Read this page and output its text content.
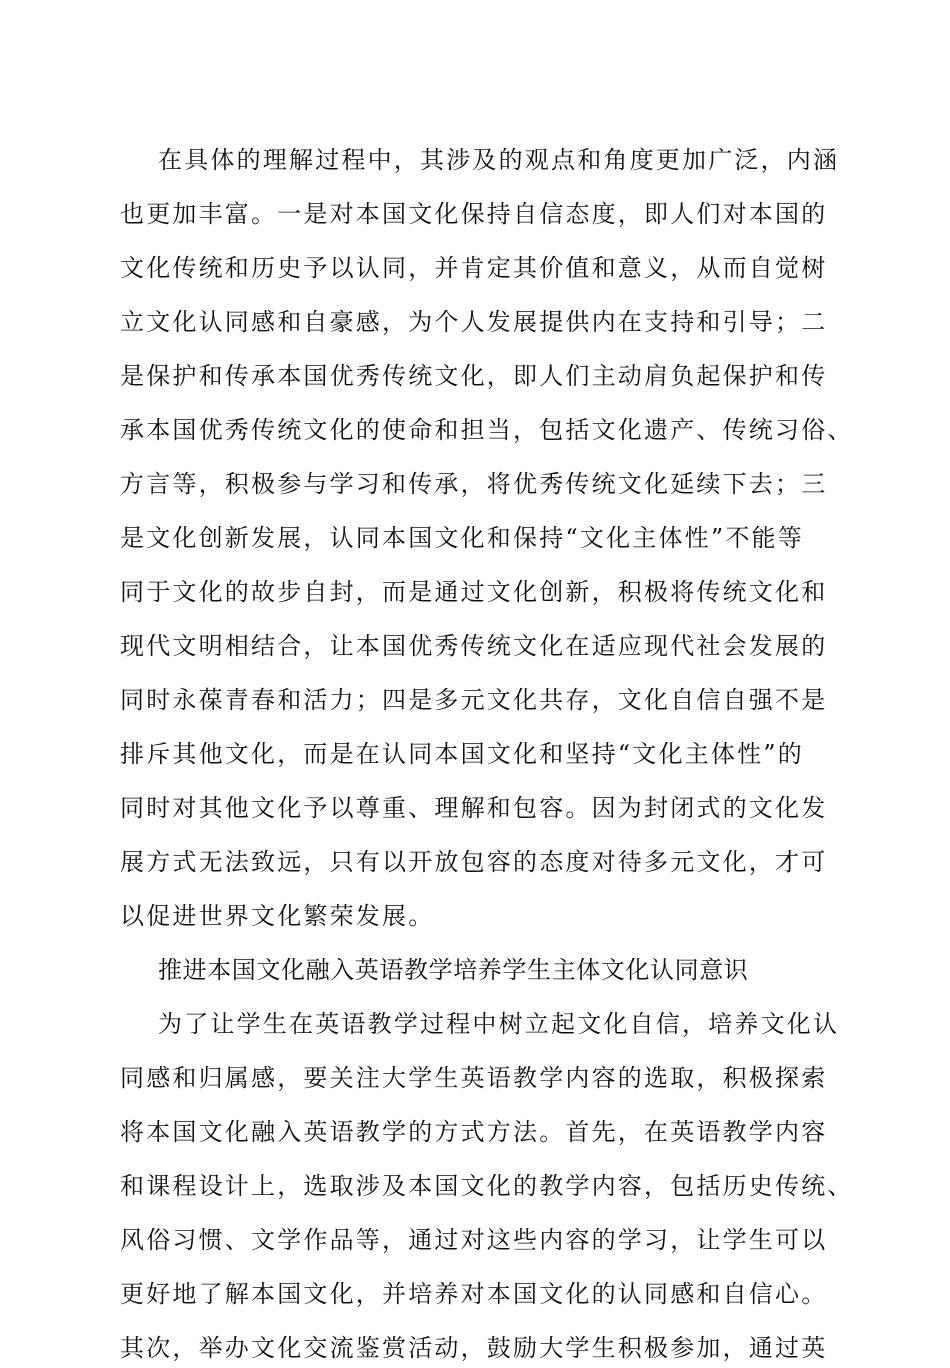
在具体的理解过程中，其涉及的观点和角度更加广泛，内涵
也更加丰富。一是对本国文化保持自信态度，即人们对本国的
文化传统和历史予以认同，并肯定其价值和意义，从而自觉树
立文化认同感和自豪感，为个人发展提供内在支持和引导；二
是保护和传承本国优秀传统文化，即人们主动肩负起保护和传
承本国优秀传统文化的使命和担当，包括文化遗产、传统习俗、
方言等，积极参与学习和传承，将优秀传统文化延续下去；三
是文化创新发展，认同本国文化和保持“文化主体性”不能等
同于文化的故步自封，而是通过文化创新，积极将传统文化和
现代文明相结合，让本国优秀传统文化在适应现代社会发展的
同时永葆青春和活力；四是多元文化共存，文化自信自强不是
排斥其他文化，而是在认同本国文化和坚持“文化主体性”的
同时对其他文化予以尊重、理解和包容。因为封闭式的文化发
展方式无法致远，只有以开放包容的态度对待多元文化，才可
以促进世界文化繁荣发展。
推进本国文化融入英语教学培养学生主体文化认同意识
为了让学生在英语教学过程中树立起文化自信，培养文化认
同感和归属感，要关注大学生英语教学内容的选取，积极探索
将本国文化融入英语教学的方式方法。首先，在英语教学内容
和课程设计上，选取涉及本国文化的教学内容，包括历史传统、
风俗习惯、文学作品等，通过对这些内容的学习，让学生可以
更好地了解本国文化，并培养对本国文化的认同感和自信心。
其次，举办文化交流鉴赏活动，鼓励大学生积极参加，通过英
